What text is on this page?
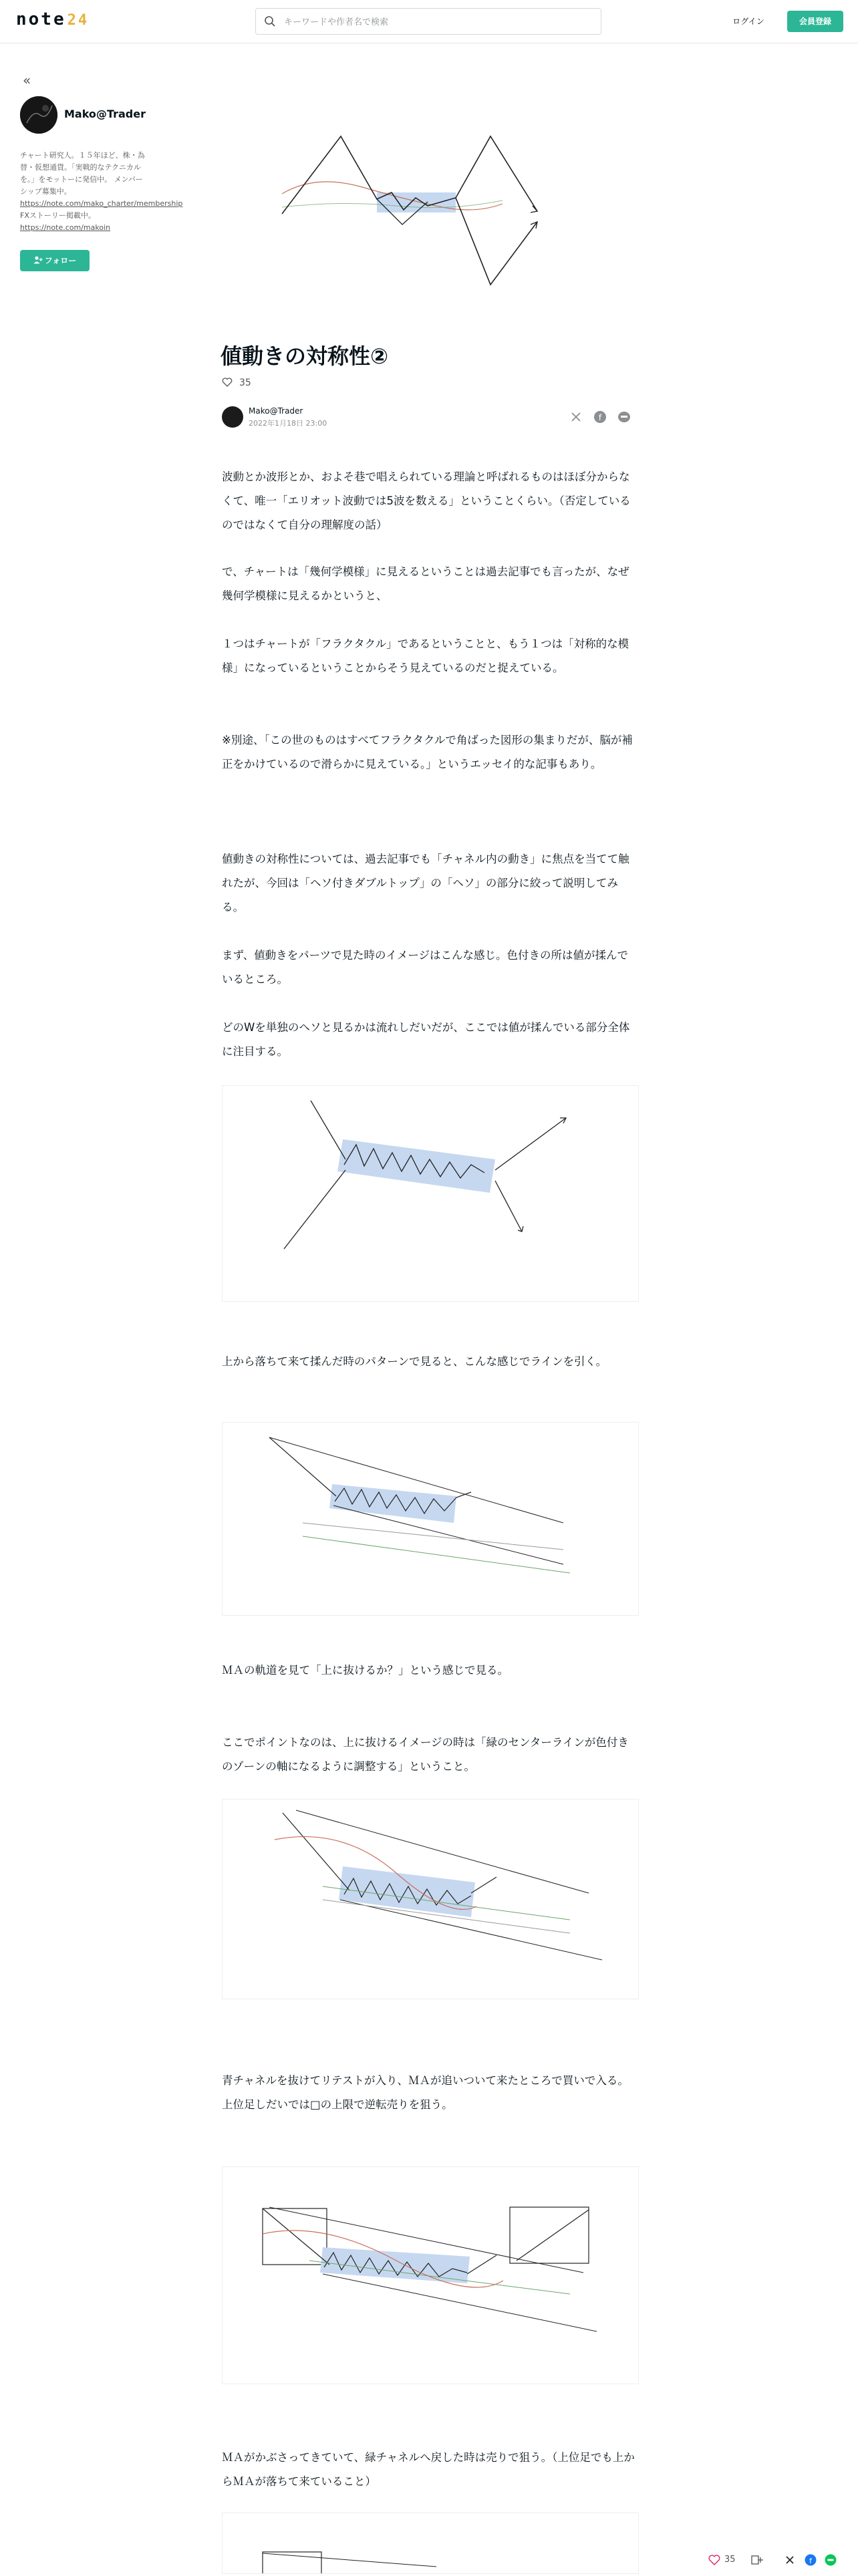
note24
キーワードや作者名で検索	ログイン	会員登録
«
Mako@Trader
チャート研究人。１５年ほど、株・為替・仮想通貨。「実戦的なテクニカルを。」をモットーに発信中。 メンバーシップ募集中。
https://note.com/mako_charter/membership
FXストーリー掲載中。
https://note.com/makoin
フォロー
値動きの対称性②
35
Mako@Trader
2022年1月18日 23:00
f

波動とか波形とか、およそ巷で唱えられている理論と呼ばれるものはほぼ分からなくて、唯一「エリオット波動では5波を数える」ということくらい。（否定しているのではなくて自分の理解度の話）

で、チャートは「幾何学模様」に見えるということは過去記事でも言ったが、なぜ幾何学模様に見えるかというと、

１つはチャートが「フラクタクル」であるということと、もう１つは「対称的な模様」になっているということからそう見えているのだと捉えている。

※別途、「この世のものはすべてフラクタクルで角ばった図形の集まりだが、脳が補正をかけているので滑らかに見えている。」というエッセイ的な記事もあり。

値動きの対称性については、過去記事でも「チャネル内の動き」に焦点を当てて触れたが、今回は「ヘソ付きダブルトップ」の「ヘソ」の部分に絞って説明してみる。

まず、値動きをパーツで見た時のイメージはこんな感じ。色付きの所は値が揉んでいるところ。

どのWを単独のヘソと見るかは流れしだいだが、ここでは値が揉んでいる部分全体に注目する。

上から落ちて来て揉んだ時のパターンで見ると、こんな感じでラインを引く。

ＭＡの軌道を見て「上に抜けるか？」という感じで見る。

ここでポイントなのは、上に抜けるイメージの時は「緑のセンターラインが色付きのゾーンの軸になるように調整する」ということ。

青チャネルを抜けてリテストが入り、ＭＡが追いついて来たところで買いで入る。
上位足しだいでは□の上限で逆転売りを狙う。

ＭＡがかぶさってきていて、緑チャネルへ戻した時は売りで狙う。（上位足でも上からＭＡが落ちて来ていること）

35	f
